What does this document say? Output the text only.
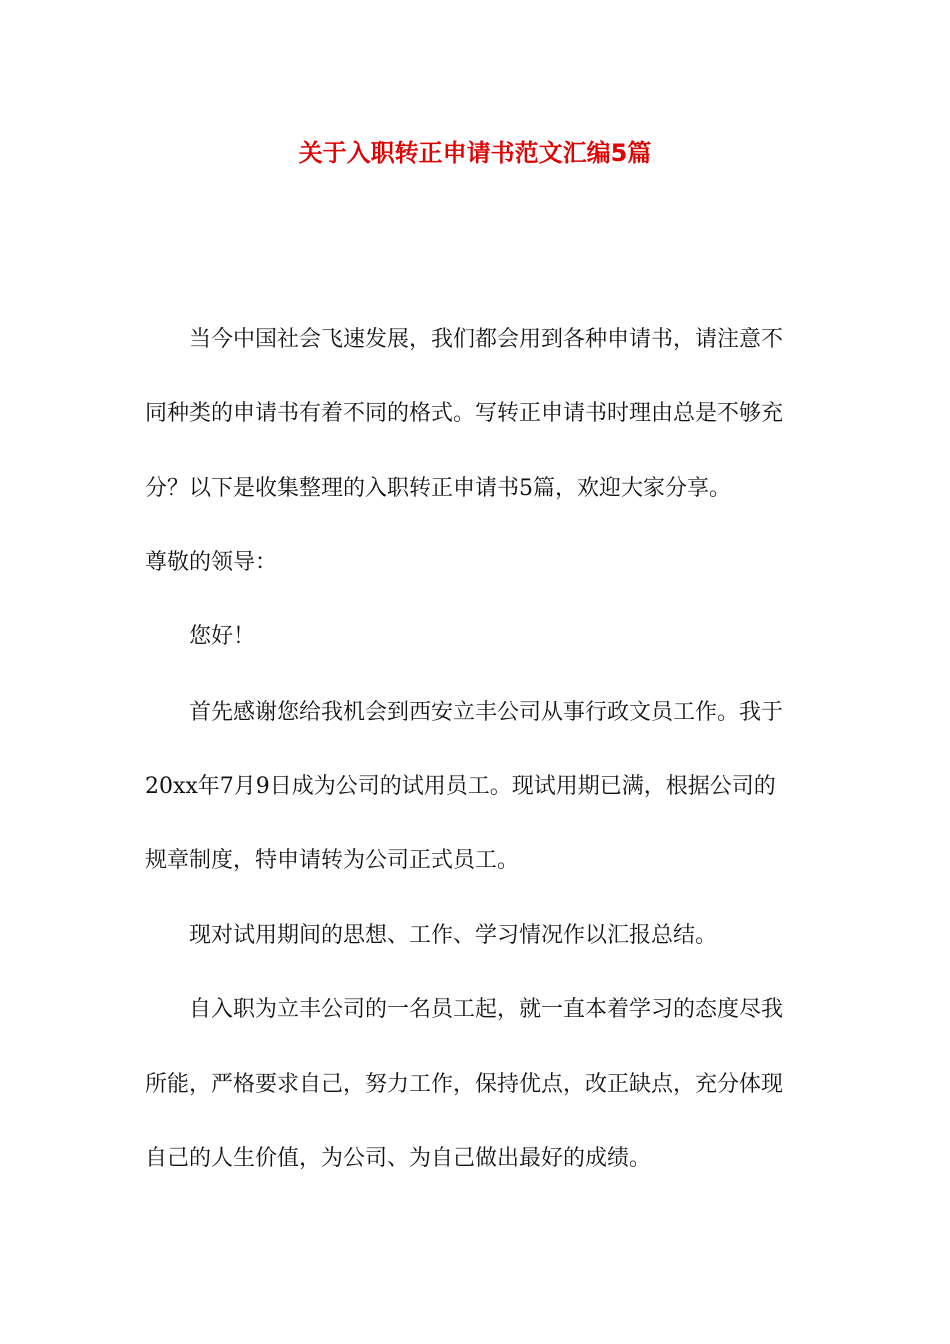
关于入职转正申请书范文汇编5篇
当今中国社会飞速发展，我们都会用到各种申请书，请注意不
同种类的申请书有着不同的格式。写转正申请书时理由总是不够充
分？以下是收集整理的入职转正申请书5篇，欢迎大家分享。
尊敬的领导：
您好！
首先感谢您给我机会到西安立丰公司从事行政文员工作。我于
20xx年7月9日成为公司的试用员工。现试用期已满，根据公司的
规章制度，特申请转为公司正式员工。
现对试用期间的思想、工作、学习情况作以汇报总结。
自入职为立丰公司的一名员工起，就一直本着学习的态度尽我
所能，严格要求自己，努力工作，保持优点，改正缺点，充分体现
自己的人生价值，为公司、为自己做出最好的成绩。
